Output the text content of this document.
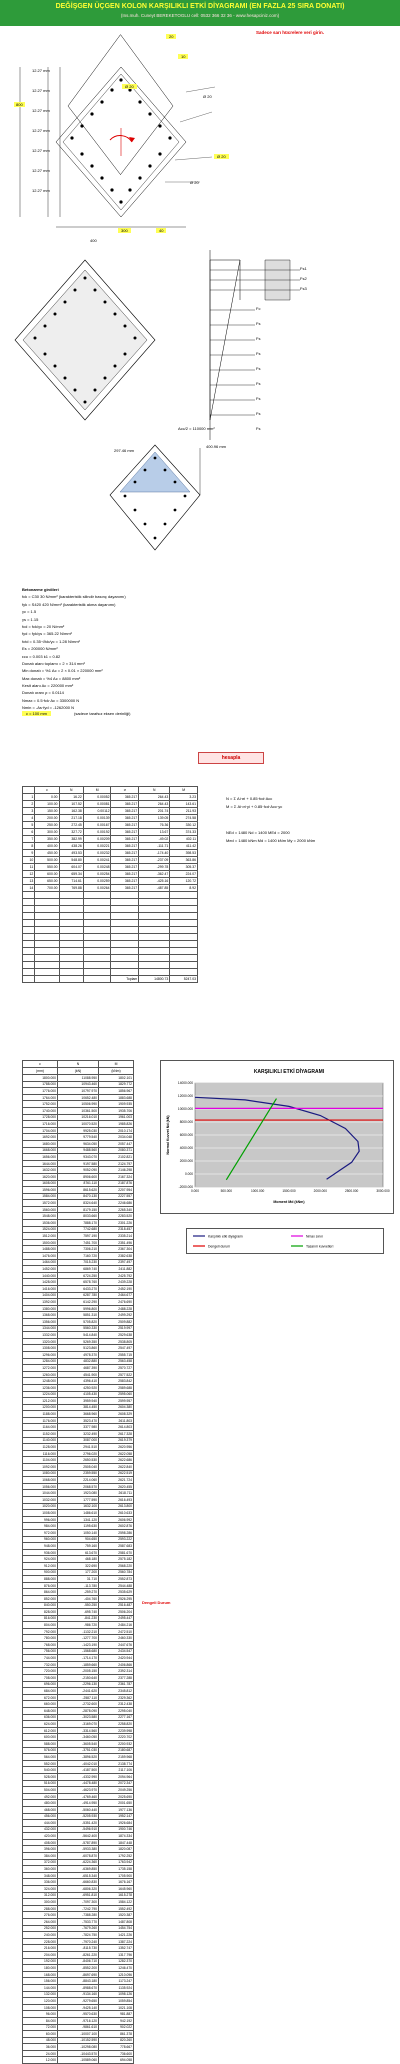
DEĞİŞGEN ÜÇGEN KOLON KARŞILIKLI ETKİ DİYAGRAMI (EN FAZLA 25 SIRA DONATI)
(Ins.muh. Cuneyt BEREKETOGLU cell: 0532 366 32 36 - www.hesapciniz.com)
Sadece sarı hücrelere veri girin.
20
10
Ø 20
Ø 20
800
300	40
400
Ø 20
Ø 20
12.27 mm
12.27 mm
12.27 mm
12.27 mm
12.27 mm
12.27 mm
12.27 mm
Fs1
Fs2
Fs3
Fc
Fs
Fs
Fs
Fs
Fs
Fs
Fs
Fs
Acc/2 = 110000 mm²
297.46 mm
400.96 mm
Betonarme girdileri
fck = C30 30 N/mm² (karakteristik silindir basınç dayanımı)
fyk = S420 420 N/mm² (karakteristik akma dayanımı)
γc = 1.5
γs = 1.15
fcd = fck/γc = 20 N/mm²
fyd = fyk/γs = 365.22 N/mm²
fctd = 0.35·√fck/γc = 1.28 N/mm²
Es = 200000 N/mm²
εcu = 0.003 k1 = 0.82
Donatı alanı toplamı = 2 × 314 mm²
Min donatı = %1 Ac = 2 × 0.01 × 220000 mm²
Max donatı = %4 Ac = 8800 mm²
Kesit alanı Ac = 220000 mm²
Donatı oranı ρ = 0.0114
Nmax = 0.5·fck·Ac = 3300000 N
Nmin = -As·fyd = -1262000 N
c = 100 mm	(sadece tarafsız eksen derinliği)
hesapla
	c	N	M	σ	N	M
1	0.00	16.22	0.00052	365.217	264.43	3.23
2	100.00	107.52	0.00081	365.217	264.43	143.61
3	150.00	162.38	0.00112	365.217	201.74	211.93
4	200.00	217.18	0.00139	365.217	139.05	274.58
5	250.00	272.45	0.00167	365.217	76.36	330.12
6	300.00	327.72	0.00192	365.217	13.67	374.33
7	350.00	382.99	0.00209	365.217	-49.02	402.11
8	400.00	438.26	0.00221	365.217	-111.71	411.42
9	450.00	493.53	0.00232	365.217	-174.40	398.53
10	500.00	548.80	0.00241	365.217	-237.09	363.86
11	550.00	604.07	0.00248	365.217	-299.78	305.37
12	600.00	659.34	0.00254	365.217	-362.47	224.07
13	650.00	714.61	0.00259	365.217	-425.16	120.72
14	700.00	769.88	0.00264	365.217	-487.85	8.92

				Toplam	14800.73	5247.03
N = Σ Ai·σi + 0.85·fcd·Acc
M = Σ Ai·σi·yi + 0.85·fcd·Acc·yc
NEd = 1480 Nd = 1400 MEd = 2000
Med = 1480 kNm Md = 1400 kNm My = 2000 kNm
c	N	M
(mm)	(kN)	(kNm)
1800.000	11088.950	1802.101
1788.000	10943.460	1829.772
1776.000	10797.970	1856.967
1764.000	10652.480	1883.688
1752.000	10506.990	1909.935
1740.000	10361.500	1935.706
1728.000	10216.010	1961.003
1716.000	10070.520	1985.826
1704.000	9925.030	2010.174
1692.000	9779.540	2034.048
1680.000	9634.050	2057.447
1668.000	9488.560	2080.371
1656.000	9343.070	2102.821
1644.000	9197.580	2124.797
1632.000	9052.090	2146.298
1620.000	8906.600	2167.324
1608.000	8761.110	2187.876
1596.000	8615.620	2207.954
1584.000	8470.130	2227.557
1572.000	8324.640	2246.686
1560.000	8179.150	2265.340
1548.000	8033.660	2283.520
1536.000	7888.170	2301.226
1524.000	7742.680	2318.457
1512.000	7597.190	2335.214
1500.000	7451.700	2351.496
1488.000	7306.210	2367.304
1476.000	7160.720	2382.638
1464.000	7015.230	2397.497
1452.000	6869.740	2411.882
1440.000	6724.250	2425.792
1428.000	6578.760	2439.228
1416.000	6433.270	2452.190
1404.000	6287.780	2464.677
1392.000	6142.290	2476.690
1380.000	5996.800	2488.228
1368.000	5851.310	2499.292
1356.000	5705.820	2509.882
1344.000	5560.330	2519.997
1332.000	5414.840	2529.638
1320.000	5269.350	2538.805
1308.000	5123.860	2547.497
1296.000	4978.370	2555.715
1284.000	4832.880	2563.458
1272.000	4687.390	2570.727
1260.000	4541.900	2577.522
1248.000	4396.410	2583.842
1236.000	4250.920	2589.688
1224.000	4105.430	2595.060
1212.000	3959.940	2599.957
1200.000	3814.450	2604.380
1188.000	3668.960	2608.329
1176.000	3523.470	2611.803
1164.000	3377.980	2614.803
1152.000	3232.490	2617.328
1140.000	3087.000	2619.379
1128.000	2941.510	2620.956
1116.000	2796.020	2622.058
1104.000	2650.530	2622.686
1092.000	2505.040	2622.840
1080.000	2359.550	2622.519
1068.000	2214.060	2621.724
1056.000	2068.570	2620.455
1044.000	1923.080	2618.711
1032.000	1777.590	2616.493
1020.000	1632.100	2613.800
1008.000	1486.610	2610.633
996.000	1341.120	2606.992
984.000	1195.630	2602.876
972.000	1050.140	2598.286
960.000	904.650	2593.222
948.000	759.160	2587.683
936.000	613.670	2581.670
924.000	468.180	2575.182
912.000	322.690	2568.220
900.000	177.200	2560.784
888.000	31.710	2552.873
876.000	-113.780	2544.488
864.000	-259.270	2535.629
852.000	-404.760	2526.295
840.000	-550.250	2516.487
828.000	-695.740	2506.204
816.000	-841.230	2495.447
804.000	-986.720	2484.216
792.000	-1132.210	2472.510
780.000	-1277.700	2460.330
768.000	-1423.190	2447.676
756.000	-1568.680	2434.547
744.000	-1714.170	2420.944
732.000	-1859.660	2406.866
720.000	-2005.150	2392.314
708.000	-2150.640	2377.288
696.000	-2296.130	2361.787
684.000	-2441.620	2345.812
672.000	-2587.110	2329.362
660.000	-2732.600	2312.438
648.000	-2878.090	2295.040
636.000	-3023.580	2277.167
624.000	-3169.070	2258.820
612.000	-3314.560	2239.998
600.000	-3460.050	2220.702
588.000	-3605.540	2200.932
576.000	-3751.030	2180.687
564.000	-3896.520	2159.968
552.000	-4042.010	2138.774
540.000	-4187.500	2117.106
528.000	-4332.990	2094.964
516.000	-4478.480	2072.347
504.000	-4623.970	2049.256
492.000	-4769.460	2025.690
480.000	-4914.950	2001.650
468.000	-5060.440	1977.136
456.000	-5205.930	1952.147
444.000	-5351.420	1926.684
432.000	-5496.910	1900.746
420.000	-5642.400	1874.334
408.000	-5787.890	1847.448
396.000	-5933.380	1820.087
384.000	-6078.870	1792.252
372.000	-6224.360	1763.942
360.000	-6369.850	1735.158
348.000	-6515.340	1705.900
336.000	-6660.830	1676.167
324.000	-6806.320	1645.960
312.000	-6951.810	1615.278
300.000	-7097.300	1584.122
288.000	-7242.790	1552.492
276.000	-7388.280	1520.387
264.000	-7533.770	1487.808
252.000	-7679.260	1454.754
240.000	-7824.750	1421.226
228.000	-7970.240	1387.224
216.000	-8115.730	1352.747
204.000	-8261.220	1317.796
192.000	-8406.710	1282.370
180.000	-8552.200	1246.470
168.000	-8697.690	1210.096
156.000	-8843.180	1173.247
144.000	-8988.670	1135.924
132.000	-9134.160	1098.126
120.000	-9279.650	1059.854
108.000	-9425.140	1021.108
96.000	-9570.630	981.887
84.000	-9716.120	942.192
72.000	-9861.610	902.022
60.000	-10007.100	861.378
48.000	-10152.590	820.260
36.000	-10298.080	778.667
24.000	-10443.570	736.600
12.000	-10589.060	694.058
Dengeli Durum
14000.000
12000.000
10000.000
8000.000
6000.000
4000.000
2000.000
0.000
-2000.000
0.000	500.000	1000.000	1500.000	2000.000	2500.000	3000.000
KARŞILIKLI ETKİ DİYAGRAMI
Moment Md (kNm)
Normal Kuvvet Nd (kN)
Karşılıklı etki diyagramı	Nmax sınırı
Dengeli durum	Tasarım kuvvetleri
